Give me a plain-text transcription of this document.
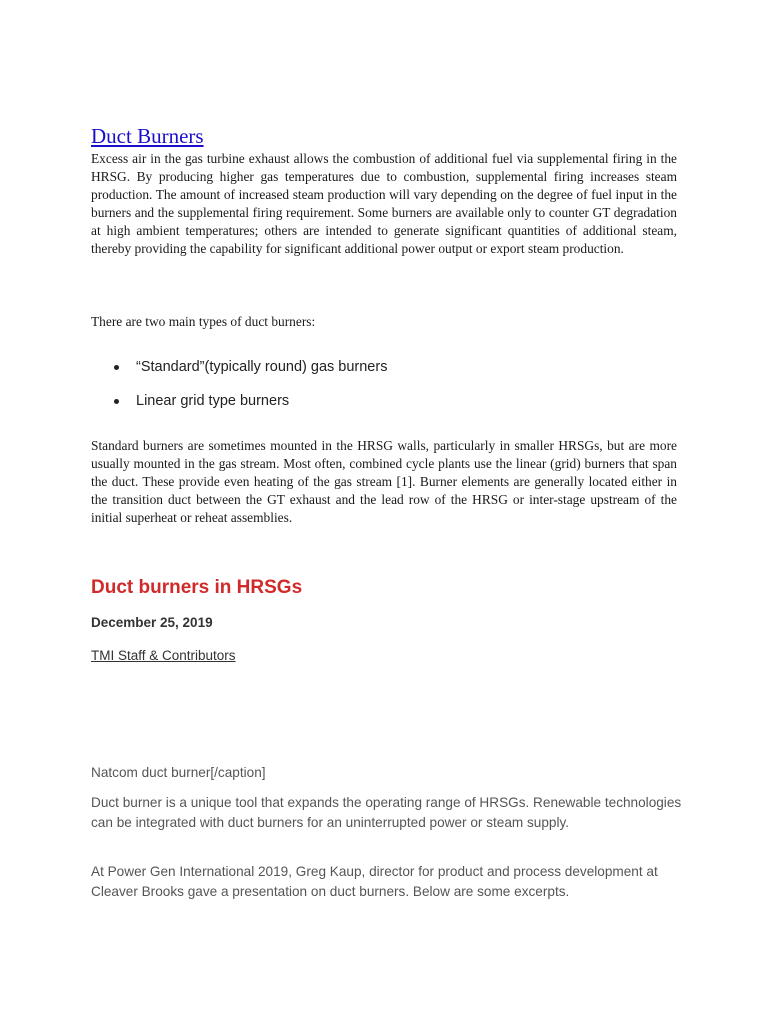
Duct Burners

Excess air in the gas turbine exhaust allows the combustion of additional fuel via supplemental firing in the HRSG. By producing higher gas temperatures due to combustion, supplemental firing increases steam production. The amount of increased steam production will vary depending on the degree of fuel input in the burners and the supplemental firing requirement. Some burners are available only to counter GT degradation at high ambient temperatures; others are intended to generate significant quantities of additional steam, thereby providing the capability for significant additional power output or export steam production.

There are two main types of duct burners:

“Standard”(typically round) gas burners
Linear grid type burners

Standard burners are sometimes mounted in the HRSG walls, particularly in smaller HRSGs, but are more usually mounted in the gas stream. Most often, combined cycle plants use the linear (grid) burners that span the duct. These provide even heating of the gas stream [1]. Burner elements are generally located either in the transition duct between the GT exhaust and the lead row of the HRSG or inter-stage upstream of the initial superheat or reheat assemblies.

Duct burners in HRSGs
December 25, 2019
TMI Staff & Contributors

Natcom duct burner[/caption]

Duct burner is a unique tool that expands the operating range of HRSGs. Renewable technologies can be integrated with duct burners for an uninterrupted power or steam supply.

At Power Gen International 2019, Greg Kaup, director for product and process development at Cleaver Brooks gave a presentation on duct burners. Below are some excerpts.
